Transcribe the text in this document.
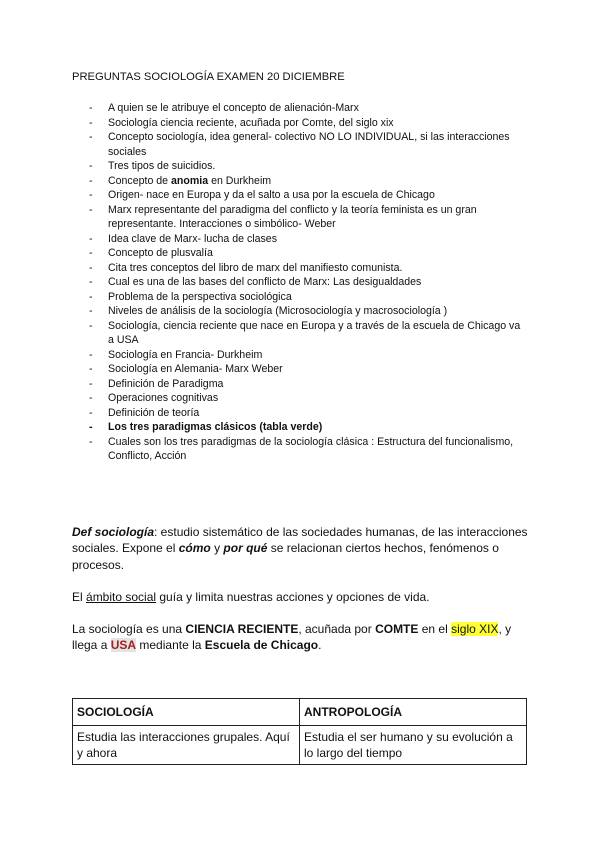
PREGUNTAS SOCIOLOGÍA EXAMEN 20 DICIEMBRE
- A quien se le atribuye el concepto de alienación-Marx
- Sociología ciencia reciente, acuñada por Comte, del siglo xix
- Concepto sociología, idea general- colectivo NO LO INDIVIDUAL, si las interacciones sociales
- Tres tipos de suicidios.
- Concepto de anomia en Durkheim
- Origen- nace en Europa y da el salto a usa por la escuela de Chicago
- Marx representante del paradigma del conflicto y la teoría feminista es un gran representante. Interacciones o simbólico- Weber
- Idea clave de Marx- lucha de clases
- Concepto de plusvalía
- Cita tres conceptos del libro de marx del manifiesto comunista.
- Cual es una de las bases del conflicto de Marx: Las desigualdades
- Problema de la perspectiva sociológica
- Niveles de análisis de la sociología (Microsociología y macrosociología )
- Sociología, ciencia reciente que nace en Europa y a través de la escuela de Chicago va a USA
- Sociología en Francia- Durkheim
- Sociología en Alemania- Marx Weber
- Definición de Paradigma
- Operaciones cognitivas
- Definición de teoría
- Los tres paradigmas clásicos (tabla verde)
- Cuales son los tres paradigmas de la sociología clásica : Estructura del funcionalismo, Conflicto, Acción
Def sociología: estudio sistemático de las sociedades humanas, de las interacciones sociales. Expone el cómo y por qué se relacionan ciertos hechos, fenómenos o procesos.
El ámbito social guía y limita nuestras acciones y opciones de vida.
La sociología es una CIENCIA RECIENTE, acuñada por COMTE en el siglo XIX, y llega a USA mediante la Escuela de Chicago.
SOCIOLOGÍA	ANTROPOLOGÍA
Estudia las interacciones grupales. Aquí y ahora	Estudia el ser humano y su evolución a lo largo del tiempo
